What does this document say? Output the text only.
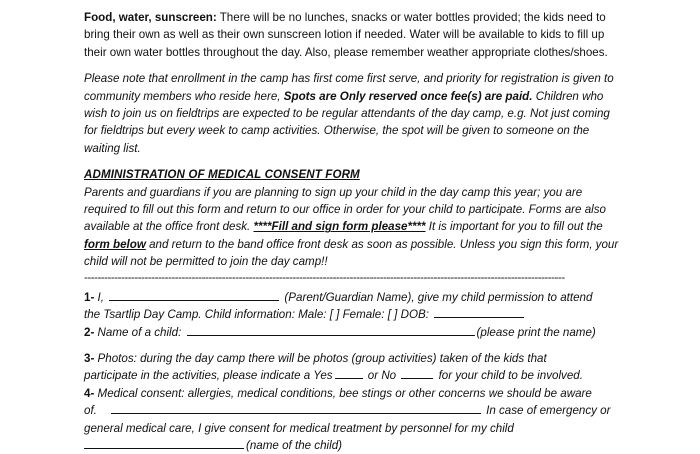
Food, water, sunscreen: There will be no lunches, snacks or water bottles provided; the kids need to bring their own as well as their own sunscreen lotion if needed. Water will be available to kids to fill up their own water bottles throughout the day. Also, please remember weather appropriate clothes/shoes.

Please note that enrollment in the camp has first come first serve, and priority for registration is given to community members who reside here, Spots are Only reserved once fee(s) are paid. Children who wish to join us on fieldtrips are expected to be regular attendants of the day camp, e.g. Not just coming for fieldtrips but every week to camp activities. Otherwise, the spot will be given to someone on the waiting list.

ADMINISTRATION OF MEDICAL CONSENT FORM

Parents and guardians if you are planning to sign up your child in the day camp this year; you are required to fill out this form and return to our office in order for your child to participate. Forms are also available at the office front desk. ****Fill and sign form please**** It is important for you to fill out the form below and return to the band office front desk as soon as possible. Unless you sign this form, your child will not be permitted to join the day camp!!

-----------------------------------------------------------------------------------------------------------------------------------------------

1- I,	(Parent/Guardian Name), give my child permission to attend

the Tsartlip Day Camp. Child information: Male: [ ] Female: [ ] DOB:

2- Name of a child:	(please print the name)

3- Photos: during the day camp there will be photos (group activities) taken of the kids that

participate in the activities, please indicate a Yes	or No	for your child to be involved.

4- Medical consent: allergies, medical conditions, bee stings or other concerns we should be aware

of.	In case of emergency or

general medical care, I give consent for medical treatment by personnel for my child

(name of the child)
